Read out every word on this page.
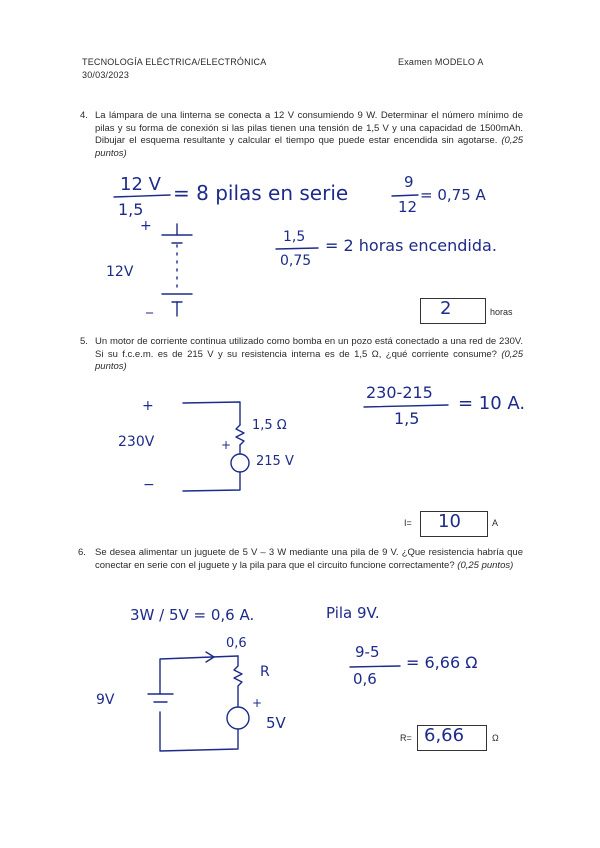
TECNOLOGÍA ELÉCTRICA/ELECTRÓNICA
30/03/2023
Examen MODELO A
4. La lámpara de una linterna se conecta a 12 V consumiendo 9 W. Determinar el número mínimo de pilas y su forma de conexión si las pilas tienen una tensión de 1,5 V y una capacidad de 1500mAh. Dibujar el esquema resultante y calcular el tiempo que puede estar encendida sin agotarse. (0,25 puntos)
12 V
1,5
= 8 pilas en serie	9
12
= 0,75 A
+
_
12V
1,5
0,75
= 2 horas encendida.
2	horas
5. Un motor de corriente continua utilizado como bomba en un pozo está conectado a una red de 230V. Si su f.c.e.m. es de 215 V y su resistencia interna es de 1,5 Ω, ¿qué corriente consume? (0,25 puntos)
+
230V
−
1,5 Ω
+
215 V
230-215
1,5
= 10 A.
I= 10	A
6. Se desea alimentar un juguete de 5 V – 3 W mediante una pila de 9 V. ¿Que resistencia habría que conectar en serie con el juguete y la pila para que el circuito funcione correctamente? (0,25 puntos)
3W / 5V = 0,6 A.	Pila 9V.
0,6
R
9V	+
5V
9-5
0,6
= 6,66 Ω
R= 6,66	Ω
